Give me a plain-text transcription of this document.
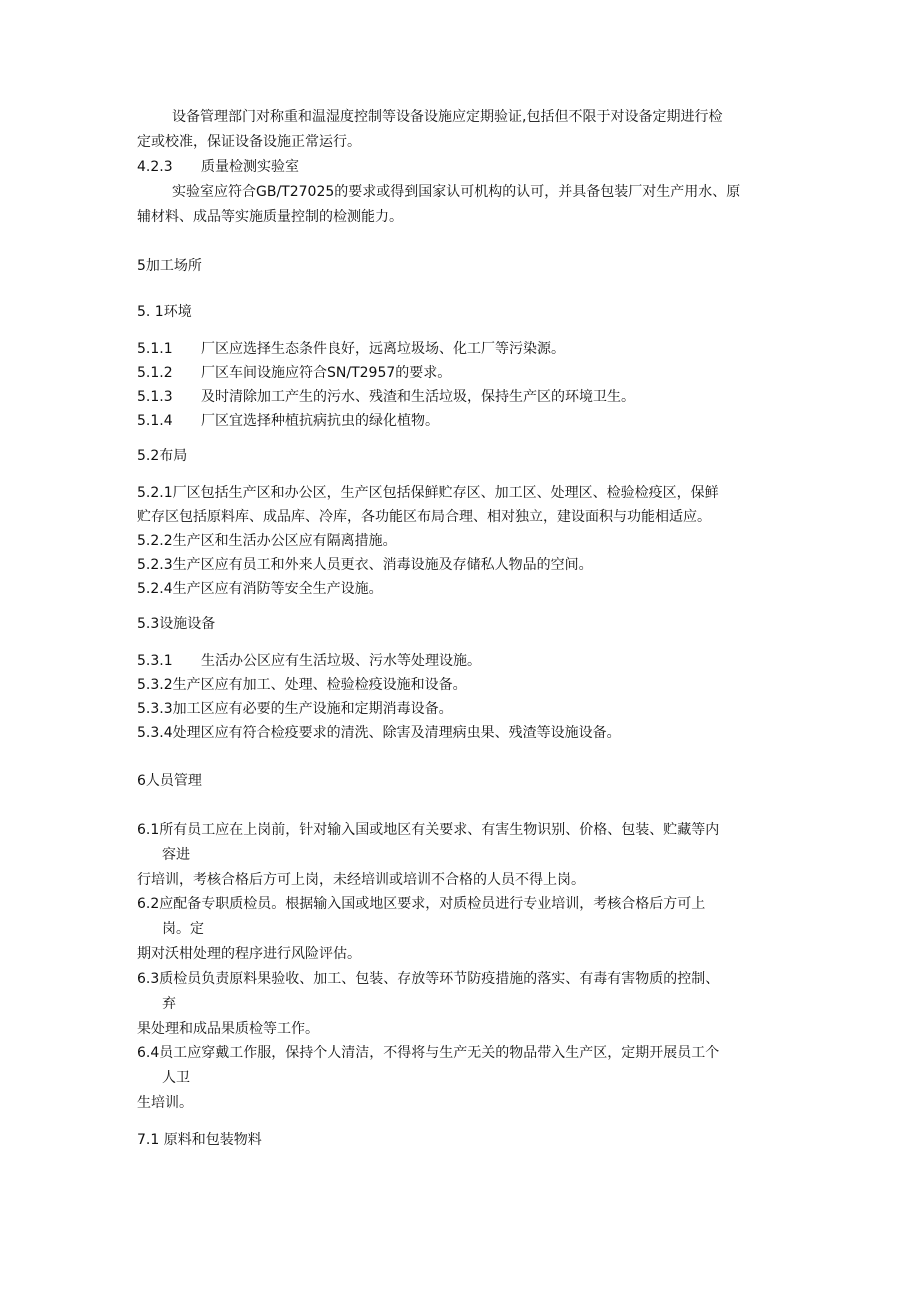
设备管理部门对称重和温湿度控制等设备设施应定期验证,包括但不限于对设备定期进行检
定或校准，保证设备设施正常运行。
4.2.3 质量检测实验室
实验室应符合GB/T27025的要求或得到国家认可机构的认可，并具备包装厂对生产用水、原
辅材料、成品等实施质量控制的检测能力。
5加工场所
5. 1环境
5.1.1 厂区应选择生态条件良好，远离垃圾场、化工厂等污染源。
5.1.2 厂区车间设施应符合SN/T2957的要求。
5.1.3 及时清除加工产生的污水、残渣和生活垃圾，保持生产区的环境卫生。
5.1.4 厂区宜选择种植抗病抗虫的绿化植物。
5.2布局
5.2.1厂区包括生产区和办公区，生产区包括保鲜贮存区、加工区、处理区、检验检疫区，保鲜
贮存区包括原料库、成品库、冷库，各功能区布局合理、相对独立，建设面积与功能相适应。
5.2.2生产区和生活办公区应有隔离措施。
5.2.3生产区应有员工和外来人员更衣、消毒设施及存储私人物品的空间。
5.2.4生产区应有消防等安全生产设施。
5.3设施设备
5.3.1 生活办公区应有生活垃圾、污水等处理设施。
5.3.2生产区应有加工、处理、检验检疫设施和设备。
5.3.3加工区应有必要的生产设施和定期消毒设备。
5.3.4处理区应有符合检疫要求的清洗、除害及清理病虫果、残渣等设施设备。
6人员管理
6.1所有员工应在上岗前，针对输入国或地区有关要求、有害生物识别、价格、包装、贮藏等内
容进
行培训，考核合格后方可上岗，未经培训或培训不合格的人员不得上岗。
6.2应配备专职质检员。根据输入国或地区要求，对质检员进行专业培训，考核合格后方可上
岗。定
期对沃柑处理的程序进行风险评估。
6.3质检员负责原料果验收、加工、包装、存放等环节防疫措施的落实、有毒有害物质的控制、
弃
果处理和成品果质检等工作。
6.4员工应穿戴工作服，保持个人清洁，不得将与生产无关的物品带入生产区，定期开展员工个
人卫
生培训。
7.1 原料和包装物料
